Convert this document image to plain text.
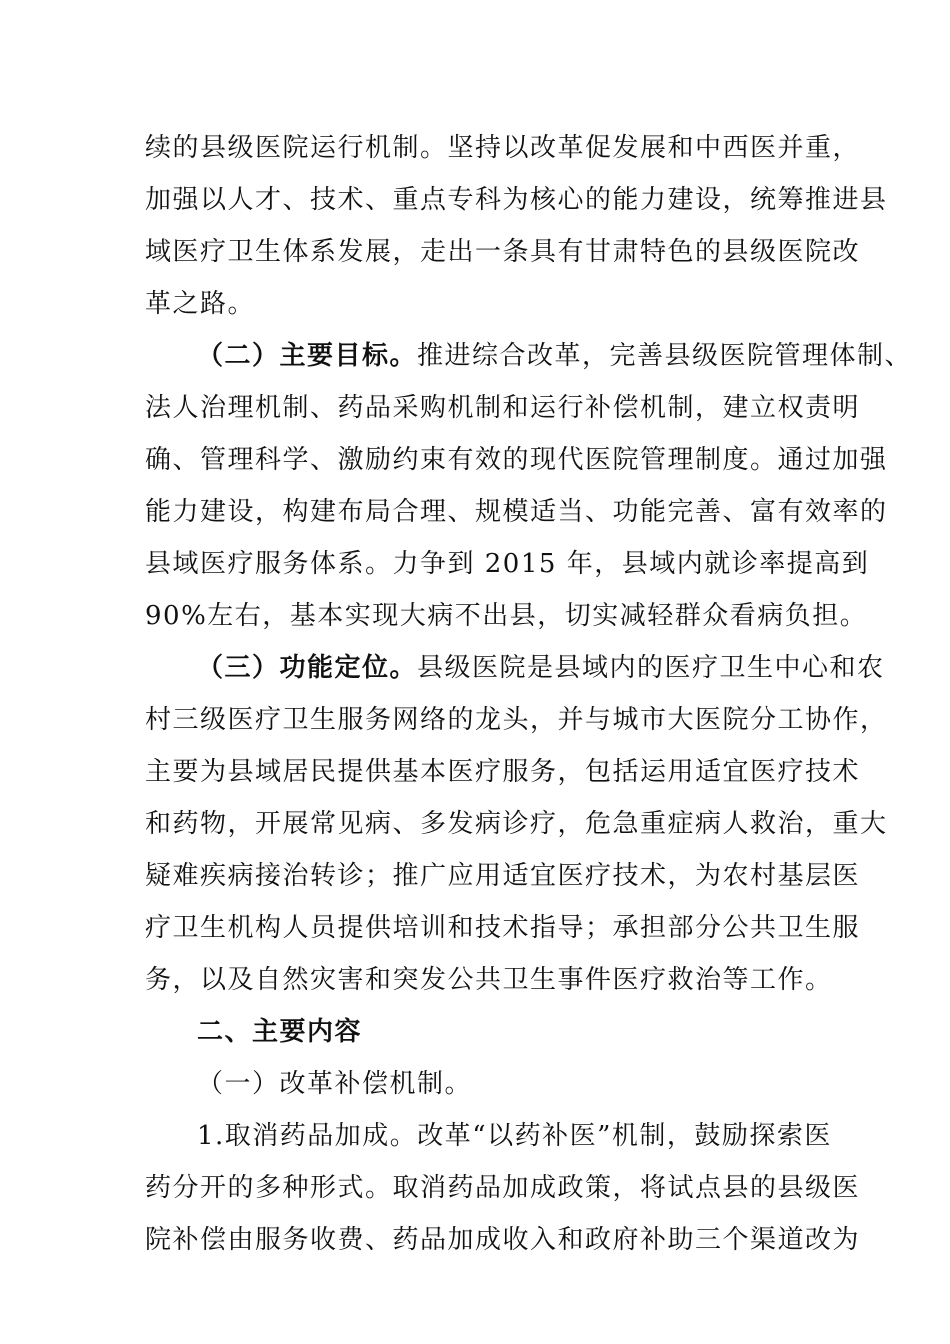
续的县级医院运行机制。坚持以改革促发展和中西医并重，
加强以人才、技术、重点专科为核心的能力建设，统筹推进县
域医疗卫生体系发展，走出一条具有甘肃特色的县级医院改
革之路。
（二）主要目标。推进综合改革，完善县级医院管理体制、
法人治理机制、药品采购机制和运行补偿机制，建立权责明
确、管理科学、激励约束有效的现代医院管理制度。通过加强
能力建设，构建布局合理、规模适当、功能完善、富有效率的
县域医疗服务体系。力争到 2015 年，县域内就诊率提高到
90%左右，基本实现大病不出县，切实减轻群众看病负担。
（三）功能定位。县级医院是县域内的医疗卫生中心和农
村三级医疗卫生服务网络的龙头，并与城市大医院分工协作，
主要为县域居民提供基本医疗服务，包括运用适宜医疗技术
和药物，开展常见病、多发病诊疗，危急重症病人救治，重大
疑难疾病接治转诊；推广应用适宜医疗技术，为农村基层医
疗卫生机构人员提供培训和技术指导；承担部分公共卫生服
务，以及自然灾害和突发公共卫生事件医疗救治等工作。
二、主要内容
（一）改革补偿机制。
1.取消药品加成。改革“以药补医”机制，鼓励探索医
药分开的多种形式。取消药品加成政策，将试点县的县级医
院补偿由服务收费、药品加成收入和政府补助三个渠道改为
